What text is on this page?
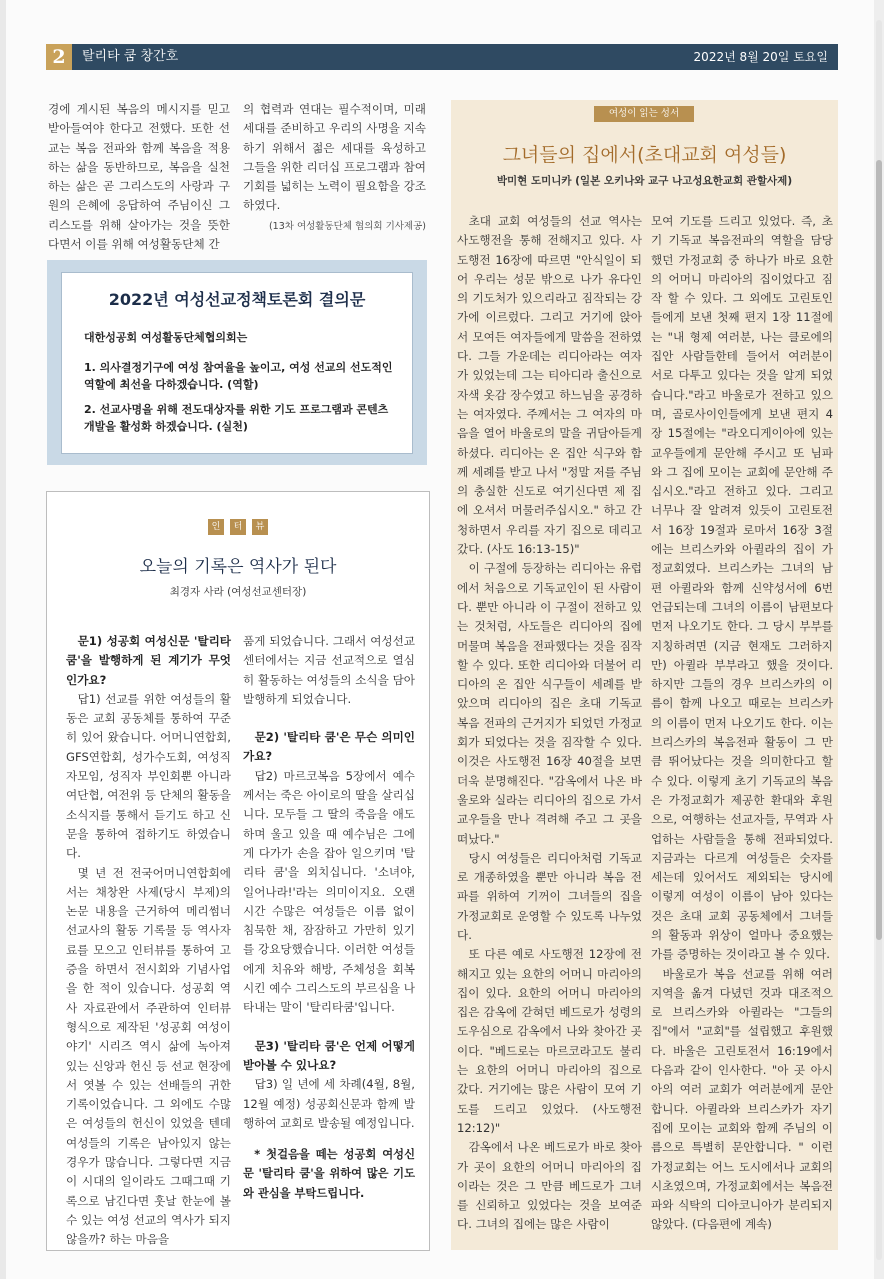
2	탈리타 쿰 창간호	2022년 8월 20일 토요일

경에 게시된 복음의 메시지를 믿고 받아들여야 한다고 전했다. 또한 선교는 복음 전파와 함께 복음을 적용하는 삶을 동반하므로, 복음을 실천하는 삶은 곧 그리스도의 사랑과 구원의 은혜에 응답하여 주님이신 그리스도를 위해 살아가는 것을 뜻한다면서 이를 위해 여성활동단체 간

의 협력과 연대는 필수적이며, 미래세대를 준비하고 우리의 사명을 지속하기 위해서 젊은 세대를 육성하고 그들을 위한 리더십 프로그램과 참여 기회를 넓히는 노력이 필요함을 강조하였다.

(13차 여성활동단체 협의회 기사제공)
2022년 여성선교정책토론회 결의문
대한성공회 여성활동단체협의회는
1. 의사결정기구에 여성 참여율을 높이고, 여성 선교의 선도적인 역할에 최선을 다하겠습니다. (역할)
2. 선교사명을 위해 전도대상자를 위한 기도 프로그램과 콘텐츠 개발을 활성화 하겠습니다. (실천)
인 터 뷰
오늘의 기록은 역사가 된다
최경자 사라 (여성선교센터장)

문1) 성공회 여성신문 '탈리타 쿰'을 발행하게 된 계기가 무엇인가요?

답1) 선교를 위한 여성들의 활동은 교회 공동체를 통하여 꾸준히 있어 왔습니다. 어머니연합회, GFS연합회, 성가수도회, 여성직자모임, 성직자 부인회뿐 아니라 여단협, 여전위 등 단체의 활동을 소식지를 통해서 듣기도 하고 신문을 통하여 접하기도 하였습니다.

몇 년 전 전국어머니연합회에서는 채창완 사제(당시 부제)의 논문 내용을 근거하여 메리썸너 선교사의 활동 기록물 등 역사자료를 모으고 인터뷰를 통하여 고증을 하면서 전시회와 기념사업을 한 적이 있습니다. 성공회 역사 자료관에서 주관하여 인터뷰 형식으로 제작된 '성공회 여성이야기' 시리즈 역시 삶에 녹아져 있는 신앙과 헌신 등 선교 현장에서 엿볼 수 있는 선배들의 귀한 기록이었습니다. 그 외에도 수많은 여성들의 헌신이 있었을 텐데 여성들의 기록은 남아있지 않는 경우가 많습니다. 그렇다면 지금 이 시대의 일이라도 그때그때 기록으로 남긴다면 훗날 한눈에 볼 수 있는 여성 선교의 역사가 되지 않을까? 하는 마음을

품게 되었습니다. 그래서 여성선교센터에서는 지금 선교적으로 열심히 활동하는 여성들의 소식을 담아 발행하게 되었습니다.

문2) '탈리타 쿰'은 무슨 의미인가요?

답2) 마르코복음 5장에서 예수께서는 죽은 아이로의 딸을 살리십니다. 모두들 그 딸의 죽음을 애도하며 울고 있을 때 예수님은 그에게 다가가 손을 잡아 일으키며 '탈리타 쿰'을 외치십니다. '소녀야, 일어나라!'라는 의미이지요. 오랜시간 수많은 여성들은 이름 없이 침묵한 채, 잠잠하고 가만히 있기를 강요당했습니다. 이러한 여성들에게 치유와 해방, 주체성을 회복시킨 예수 그리스도의 부르심을 나타내는 말이 '탈리타쿰'입니다.

문3) '탈리타 쿰'은 언제 어떻게 받아볼 수 있나요?

답3) 일 년에 세 차례(4월, 8월, 12월 예정) 성공회신문과 함께 발행하여 교회로 발송될 예정입니다.

* 첫걸음을 떼는 성공회 여성신문 '탈리타 쿰'을 위하여 많은 기도와 관심을 부탁드립니다.

여성이 읽는 성서
그녀들의 집에서(초대교회 여성들)
박미현 도미니카 (일본 오키나와 교구 나고성요한교회 관할사제)

초대 교회 여성들의 선교 역사는 사도행전을 통해 전해지고 있다. 사도행전 16장에 따르면 "안식일이 되어 우리는 성문 밖으로 나가 유다인의 기도처가 있으리라고 짐작되는 강가에 이르렀다. 그리고 거기에 앉아서 모여든 여자들에게 말씀을 전하였다. 그들 가운데는 리디아라는 여자가 있었는데 그는 티아디라 출신으로 자색 옷감 장수였고 하느님을 공경하는 여자였다. 주께서는 그 여자의 마음을 열어 바울로의 말을 귀담아듣게 하셨다. 리디아는 온 집안 식구와 함께 세례를 받고 나서 "정말 저를 주님의 충실한 신도로 여기신다면 제 집에 오셔서 머물러주십시오." 하고 간청하면서 우리를 자기 집으로 데리고 갔다. (사도 16:13-15)"

이 구절에 등장하는 리디아는 유럽에서 처음으로 기독교인이 된 사람이다. 뿐만 아니라 이 구절이 전하고 있는 것처럼, 사도들은 리디아의 집에 머물며 복음을 전파했다는 것을 짐작할 수 있다. 또한 리디아와 더불어 리디아의 온 집안 식구들이 세례를 받았으며 리디아의 집은 초대 기독교 복음 전파의 근거지가 되었던 가정교회가 되었다는 것을 짐작할 수 있다. 이것은 사도행전 16장 40절을 보면 더욱 분명해진다. "감옥에서 나온 바울로와 실라는 리디아의 집으로 가서 교우들을 만나 격려해 주고 그 곳을 떠났다."

당시 여성들은 리디아처럼 기독교로 개종하였을 뿐만 아니라 복음 전파를 위하여 기꺼이 그녀들의 집을 가정교회로 운영할 수 있도록 나누었다.

또 다른 예로 사도행전 12장에 전해지고 있는 요한의 어머니 마리아의 집이 있다. 요한의 어머니 마리아의 집은 감옥에 갇혀던 베드로가 성령의 도우심으로 감옥에서 나와 찾아간 곳이다. "베드로는 마르코라고도 불리는 요한의 어머니 마리아의 집으로 갔다. 거기에는 많은 사람이 모여 기도를 드리고 있었다. (사도행전 12:12)"

감옥에서 나온 베드로가 바로 찾아가 곳이 요한의 어머니 마리아의 집이라는 것은 그 만큼 베드로가 그녀를 신뢰하고 있었다는 것을 보여준다. 그녀의 집에는 많은 사람이

모여 기도를 드리고 있었다. 즉, 초기 기독교 복음전파의 역할을 담당했던 가정교회 중 하나가 바로 요한의 어머니 마리아의 집이었다고 짐작 할 수 있다. 그 외에도 고린토인들에게 보낸 첫째 편지 1장 11절에는 "내 형제 여러분, 나는 클로에의 집안 사람들한테 들어서 여러분이 서로 다투고 있다는 것을 알게 되었습니다."라고 바울로가 전하고 있으며, 골로사이인들에게 보낸 편지 4장 15절에는 "라오디게이아에 있는 교우들에게 문안해 주시고 또 님파와 그 집에 모이는 교회에 문안해 주십시오."라고 전하고 있다. 그리고 너무나 잘 알려져 있듯이 고린토전서 16장 19절과 로마서 16장 3절에는 브리스카와 아퀼라의 집이 가정교회였다. 브리스카는 그녀의 남편 아퀼라와 함께 신약성서에 6번 언급되는데 그녀의 이름이 남편보다 먼저 나오기도 한다. 그 당시 부부를 지칭하려면 (지금 현재도 그러하지만) 아퀼라 부부라고 했을 것이다. 하지만 그들의 경우 브리스카의 이름이 함께 나오고 때로는 브리스카의 이름이 먼저 나오기도 한다. 이는 브리스카의 복음전파 활동이 그 만큼 뛰어났다는 것을 의미한다고 할 수 있다. 이렇게 초기 기독교의 복음은 가정교회가 제공한 환대와 후원으로, 여행하는 선교자들, 무역과 사업하는 사람들을 통해 전파되었다. 지금과는 다르게 여성들은 숫자를 세는데 있어서도 제외되는 당시에 이렇게 여성이 이름이 남아 있다는 것은 초대 교회 공동체에서 그녀들의 활동과 위상이 얼마나 중요했는가를 증명하는 것이라고 볼 수 있다.

바울로가 복음 선교를 위해 여러 지역을 옮겨 다녔던 것과 대조적으로 브리스카와 아퀼라는 "그들의 집"에서 "교회"를 설립했고 후원했다. 바울은 고린토전서 16:19에서 다음과 같이 인사한다. "아 곳 아시아의 여러 교회가 여러분에게 문안합니다. 아퀼라와 브리스카가 자기 집에 모이는 교회와 함께 주님의 이름으로 특별히 문안합니다. " 이런 가정교회는 어느 도시에서나 교회의 시초였으며, 가정교회에서는 복음전파와 식탁의 디아코니아가 분리되지 않았다. (다음편에 계속)
